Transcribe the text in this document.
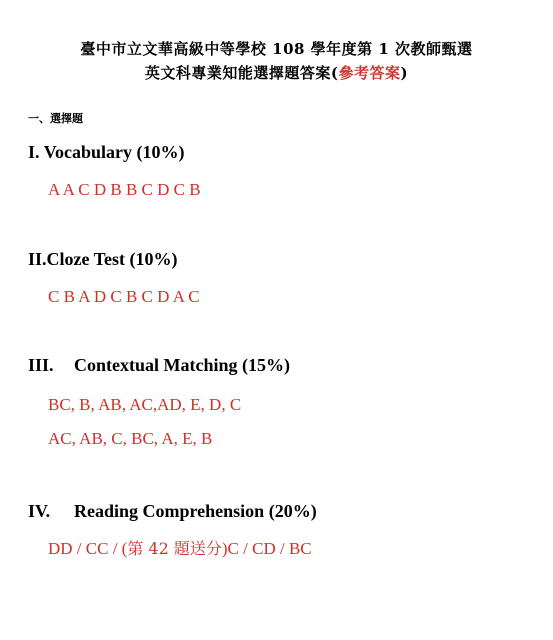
臺中市立文華高級中等學校 108 學年度第 1 次教師甄選
英文科專業知能選擇題答案(參考答案)
一、選擇題
I. Vocabulary (10%)
A A C D B B C D C B
II.Cloze Test (10%)
C B A D C B C D A C
III. Contextual Matching (15%)
BC, B, AB, AC,AD, E, D, C
AC, AB, C, BC, A, E, B
IV. Reading Comprehension (20%)
DD / CC / (第 42 題送分)C / CD / BC
